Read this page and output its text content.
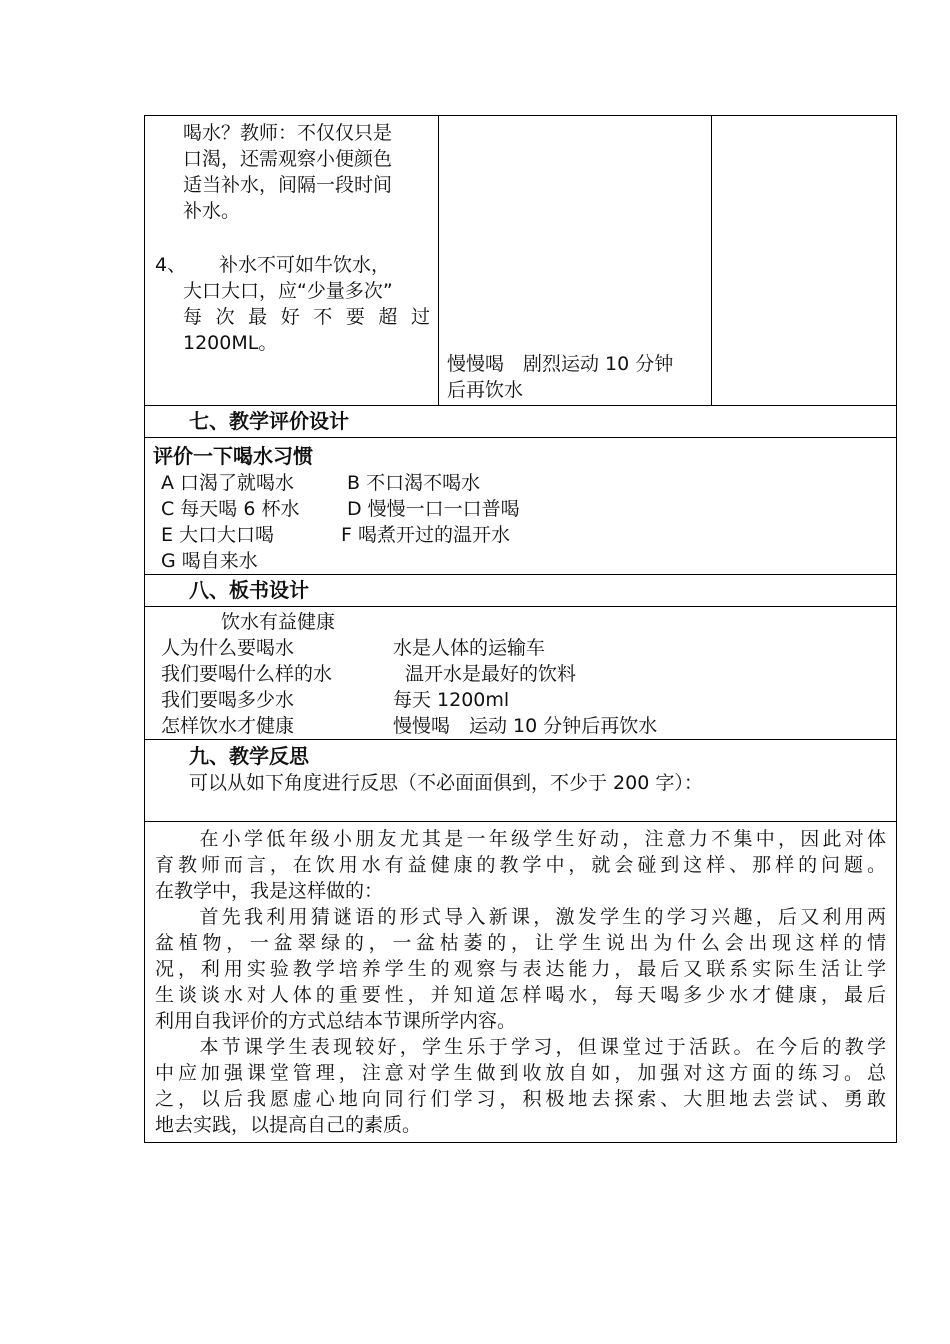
喝水？教师：不仅仅只是
口渴，还需观察小便颜色
适当补水，间隔一段时间
补水。
4、	补水不可如牛饮水，
大口大口，应“少量多次”
每次最好不要超过
1200ML。

慢慢喝　剧烈运动 10 分钟
后再饮水

七、教学评价设计

评价一下喝水习惯
A 口渴了就喝水	B 不口渴不喝水
C 每天喝 6 杯水	D 慢慢一口一口普喝
E 大口大口喝	F 喝煮开过的温开水
G 喝自来水

八、板书设计

饮水有益健康
人为什么要喝水	水是人体的运输车
我们要喝什么样的水	温开水是最好的饮料
我们要喝多少水	每天 1200ml
怎样饮水才健康	慢慢喝　运动 10 分钟后再饮水

九、教学反思
可以从如下角度进行反思（不必面面俱到，不少于 200 字）：

　　在小学低年级小朋友尤其是一年级学生好动，注意力不集中，因此对体
育教师而言，在饮用水有益健康的教学中，就会碰到这样、那样的问题。
在教学中，我是这样做的：
　　首先我利用猜谜语的形式导入新课，激发学生的学习兴趣，后又利用两
盆植物，一盆翠绿的，一盆枯萎的，让学生说出为什么会出现这样的情
况，利用实验教学培养学生的观察与表达能力，最后又联系实际生活让学
生谈谈水对人体的重要性，并知道怎样喝水，每天喝多少水才健康，最后
利用自我评价的方式总结本节课所学内容。
　　本节课学生表现较好，学生乐于学习，但课堂过于活跃。在今后的教学
中应加强课堂管理，注意对学生做到收放自如，加强对这方面的练习。总
之，以后我愿虚心地向同行们学习，积极地去探索、大胆地去尝试、勇敢
地去实践，以提高自己的素质。
